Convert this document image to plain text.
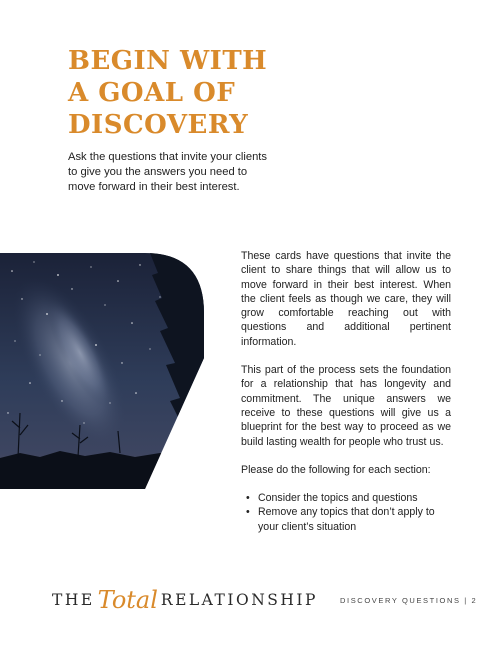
BEGIN WITH
A GOAL OF
DISCOVERY

Ask the questions that invite your clients to give you the answers you need to move forward in their best interest.

These cards have questions that invite the client to share things that will allow us to move forward in their best interest. When the client feels as though we care, they will grow comfortable reaching out with questions and additional pertinent information.

This part of the process sets the foundation for a relationship that has longevity and commitment. The unique answers we receive to these questions will give us a blueprint for the best way to proceed as we build lasting wealth for people who trust us.

Please do the following for each section:

• Consider the topics and questions
• Remove any topics that don’t apply to your client’s situation
THE Total RELATIONSHIP	DISCOVERY QUESTIONS | 2
